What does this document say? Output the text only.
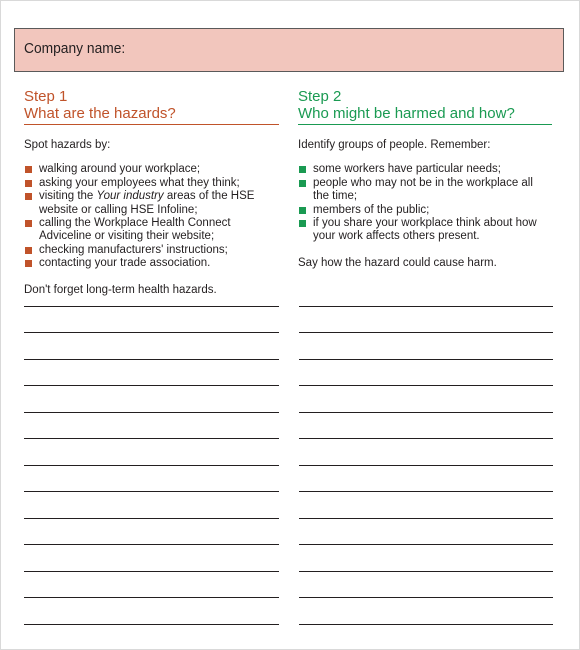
Company name:
Step 1
What are the hazards?
Spot hazards by:
walking around your workplace;
asking your employees what they think;
visiting the Your industry areas of the HSE
website or calling HSE Infoline;
calling the Workplace Health Connect
Adviceline or visiting their website;
checking manufacturers' instructions;
contacting your trade association.
Don't forget long-term health hazards.
Step 2
Who might be harmed and how?
Identify groups of people. Remember:
some workers have particular needs;
people who may not be in the workplace all
the time;
members of the public;
if you share your workplace think about how
your work affects others present.
Say how the hazard could cause harm.
